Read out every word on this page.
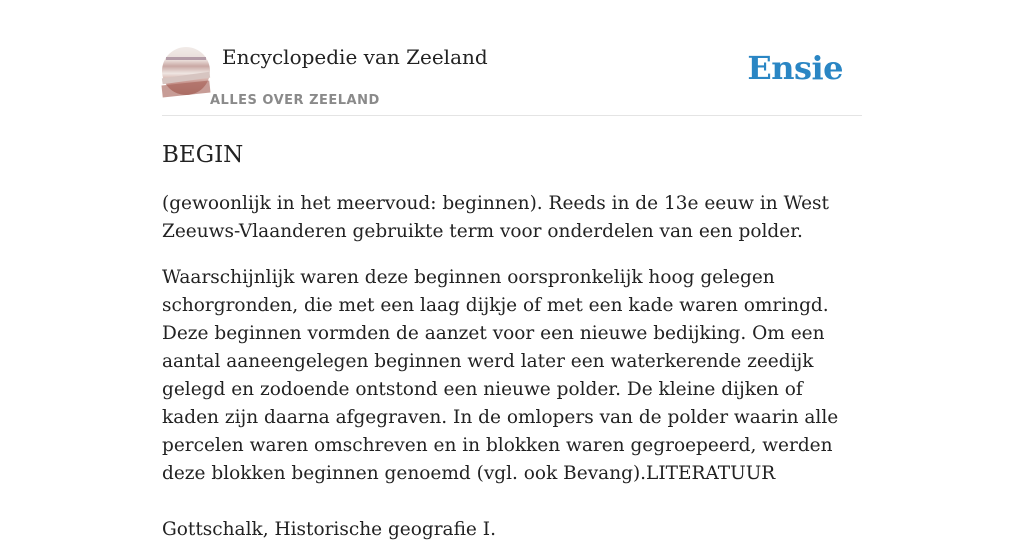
Encyclopedie van Zeeland
ALLES OVER ZEELAND
Ensie
BEGIN

(gewoonlijk in het meervoud: beginnen). Reeds in de 13e eeuw in West Zeeuws-Vlaanderen gebruikte term voor onderdelen van een polder.

Waarschijnlijk waren deze beginnen oorspronkelijk hoog gelegen schorgronden, die met een laag dijkje of met een kade waren omringd. Deze beginnen vormden de aanzet voor een nieuwe bedijking. Om een aantal aaneengelegen beginnen werd later een waterkerende zeedijk gelegd en zodoende ontstond een nieuwe polder. De kleine dijken of kaden zijn daarna afgegraven. In de omlopers van de polder waarin alle percelen waren omschreven en in blokken waren gegroepeerd, werden deze blokken beginnen genoemd (vgl. ook Bevang).LITERATUUR

Gottschalk, Historische geografie I.
